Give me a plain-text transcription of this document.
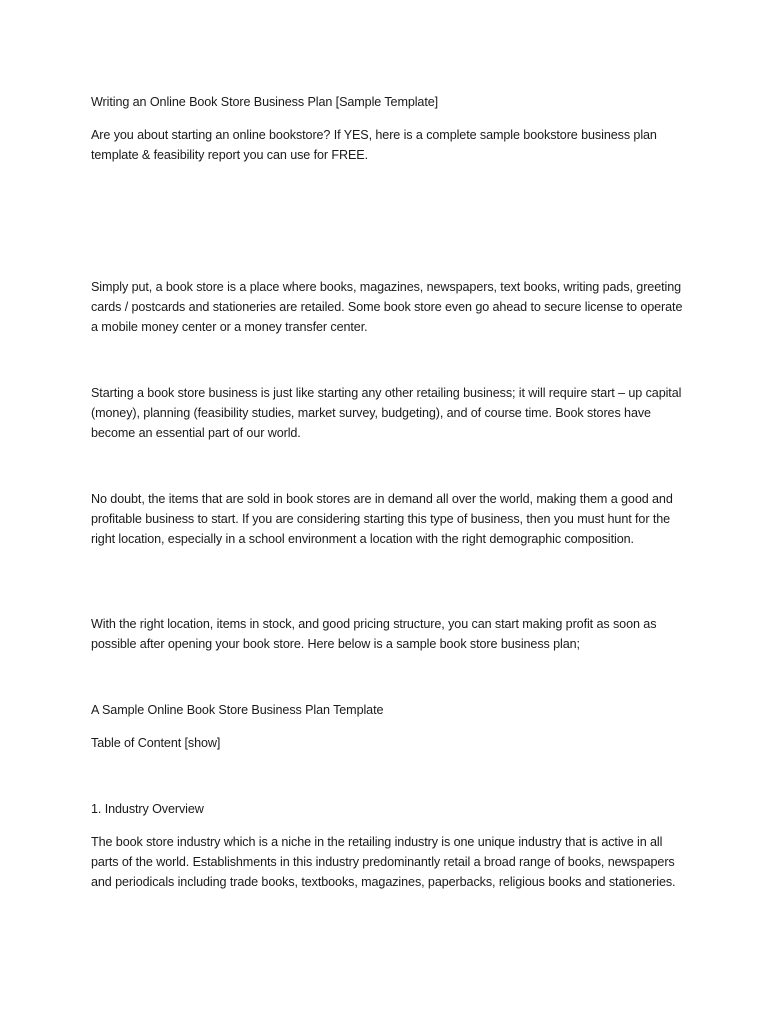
Writing an Online Book Store Business Plan [Sample Template]

Are you about starting an online bookstore? If YES, here is a complete sample bookstore business plan template & feasibility report you can use for FREE.

Simply put, a book store is a place where books, magazines, newspapers, text books, writing pads, greeting cards / postcards and stationeries are retailed. Some book store even go ahead to secure license to operate a mobile money center or a money transfer center.

Starting a book store business is just like starting any other retailing business; it will require start – up capital (money), planning (feasibility studies, market survey, budgeting), and of course time. Book stores have become an essential part of our world.

No doubt, the items that are sold in book stores are in demand all over the world, making them a good and profitable business to start. If you are considering starting this type of business, then you must hunt for the right location, especially in a school environment a location with the right demographic composition.

With the right location, items in stock, and good pricing structure, you can start making profit as soon as possible after opening your book store. Here below is a sample book store business plan;

A Sample Online Book Store Business Plan Template

Table of Content [show]

1. Industry Overview

The book store industry which is a niche in the retailing industry is one unique industry that is active in all parts of the world. Establishments in this industry predominantly retail a broad range of books, newspapers and periodicals including trade books, textbooks, magazines, paperbacks, religious books and stationeries.
